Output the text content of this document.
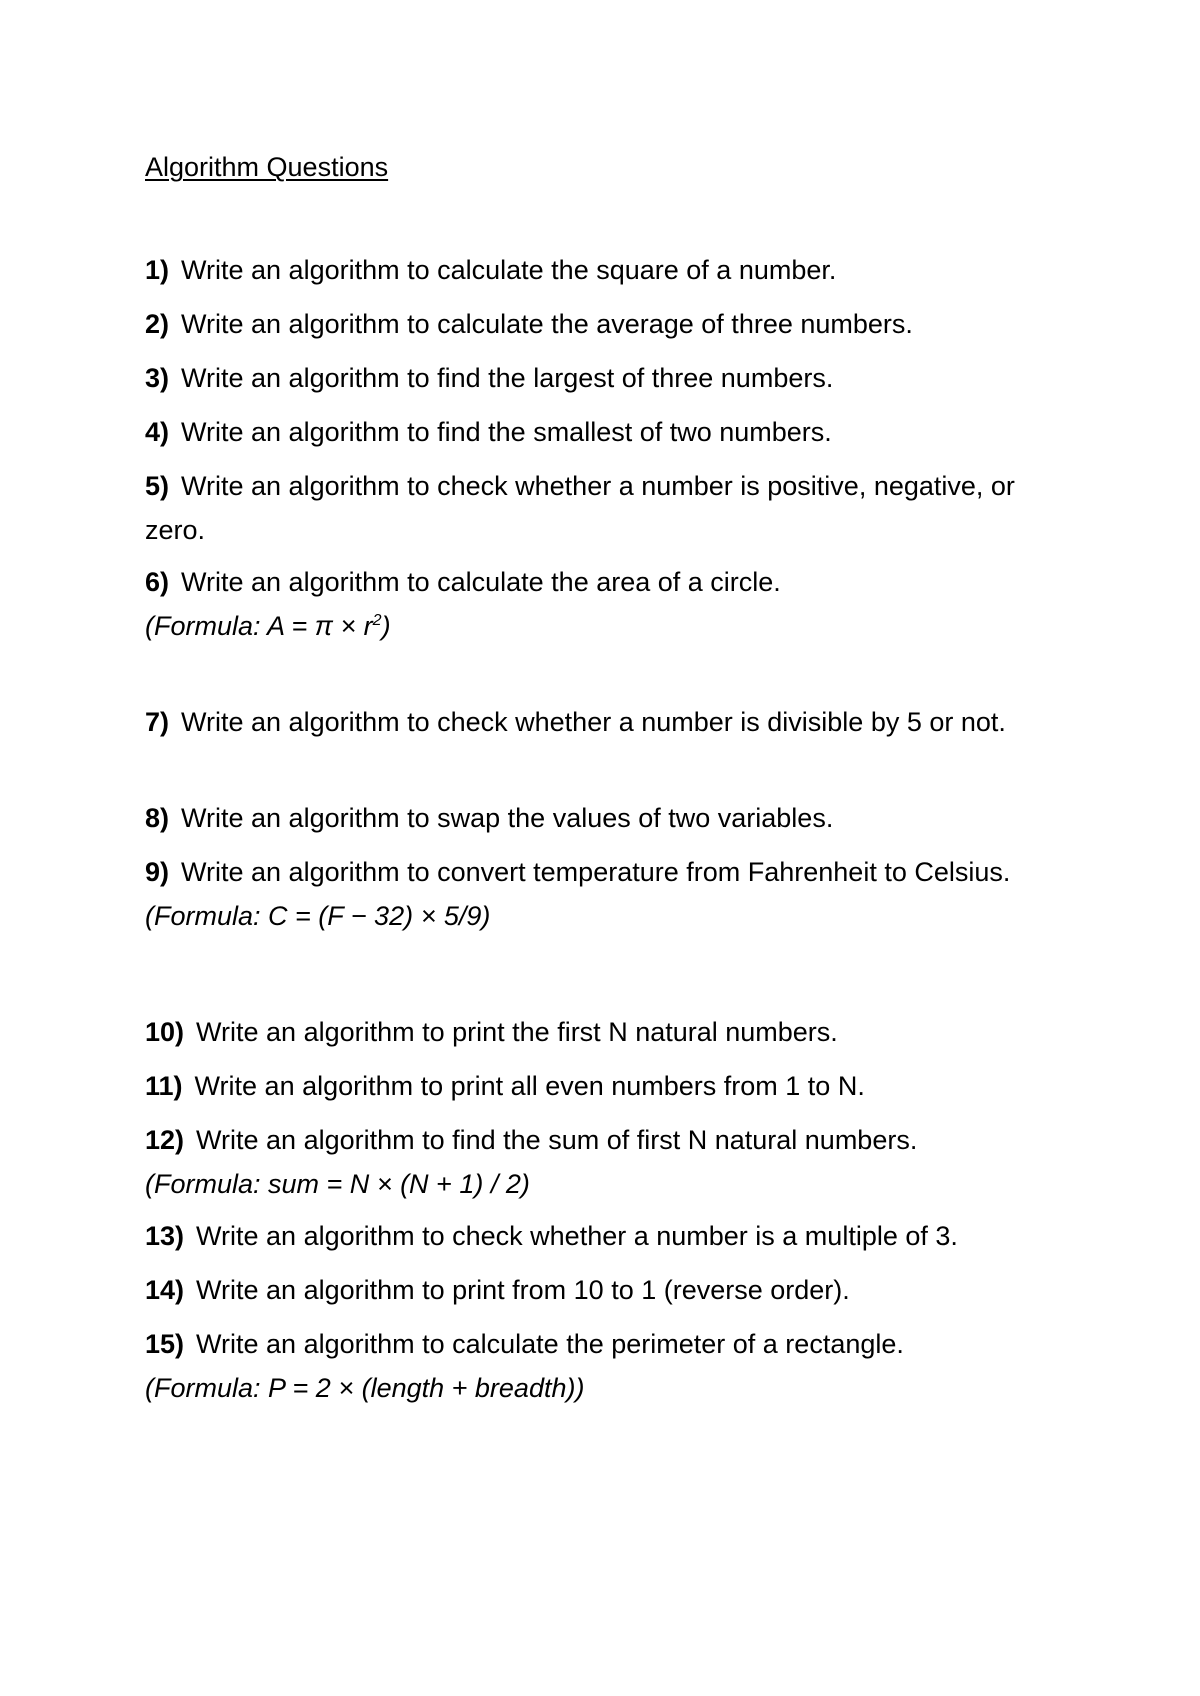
Algorithm Questions
1) Write an algorithm to calculate the square of a number.
2) Write an algorithm to calculate the average of three numbers.
3) Write an algorithm to find the largest of three numbers.
4) Write an algorithm to find the smallest of two numbers.
5) Write an algorithm to check whether a number is positive, negative, or zero.
6) Write an algorithm to calculate the area of a circle.
(Formula: $A = \pi \times r^2$)
7) Write an algorithm to check whether a number is divisible by 5 or not.
8) Write an algorithm to swap the values of two variables.
9) Write an algorithm to convert temperature from Fahrenheit to Celsius.
(Formula: C = (F − 32) × 5/9)
10) Write an algorithm to print the first N natural numbers.
11) Write an algorithm to print all even numbers from 1 to N.
12) Write an algorithm to find the sum of first N natural numbers.
(Formula: sum = N × (N + 1) / 2)
13) Write an algorithm to check whether a number is a multiple of 3.
14) Write an algorithm to print from 10 to 1 (reverse order).
15) Write an algorithm to calculate the perimeter of a rectangle.
(Formula: P = 2 × (length + breadth))
